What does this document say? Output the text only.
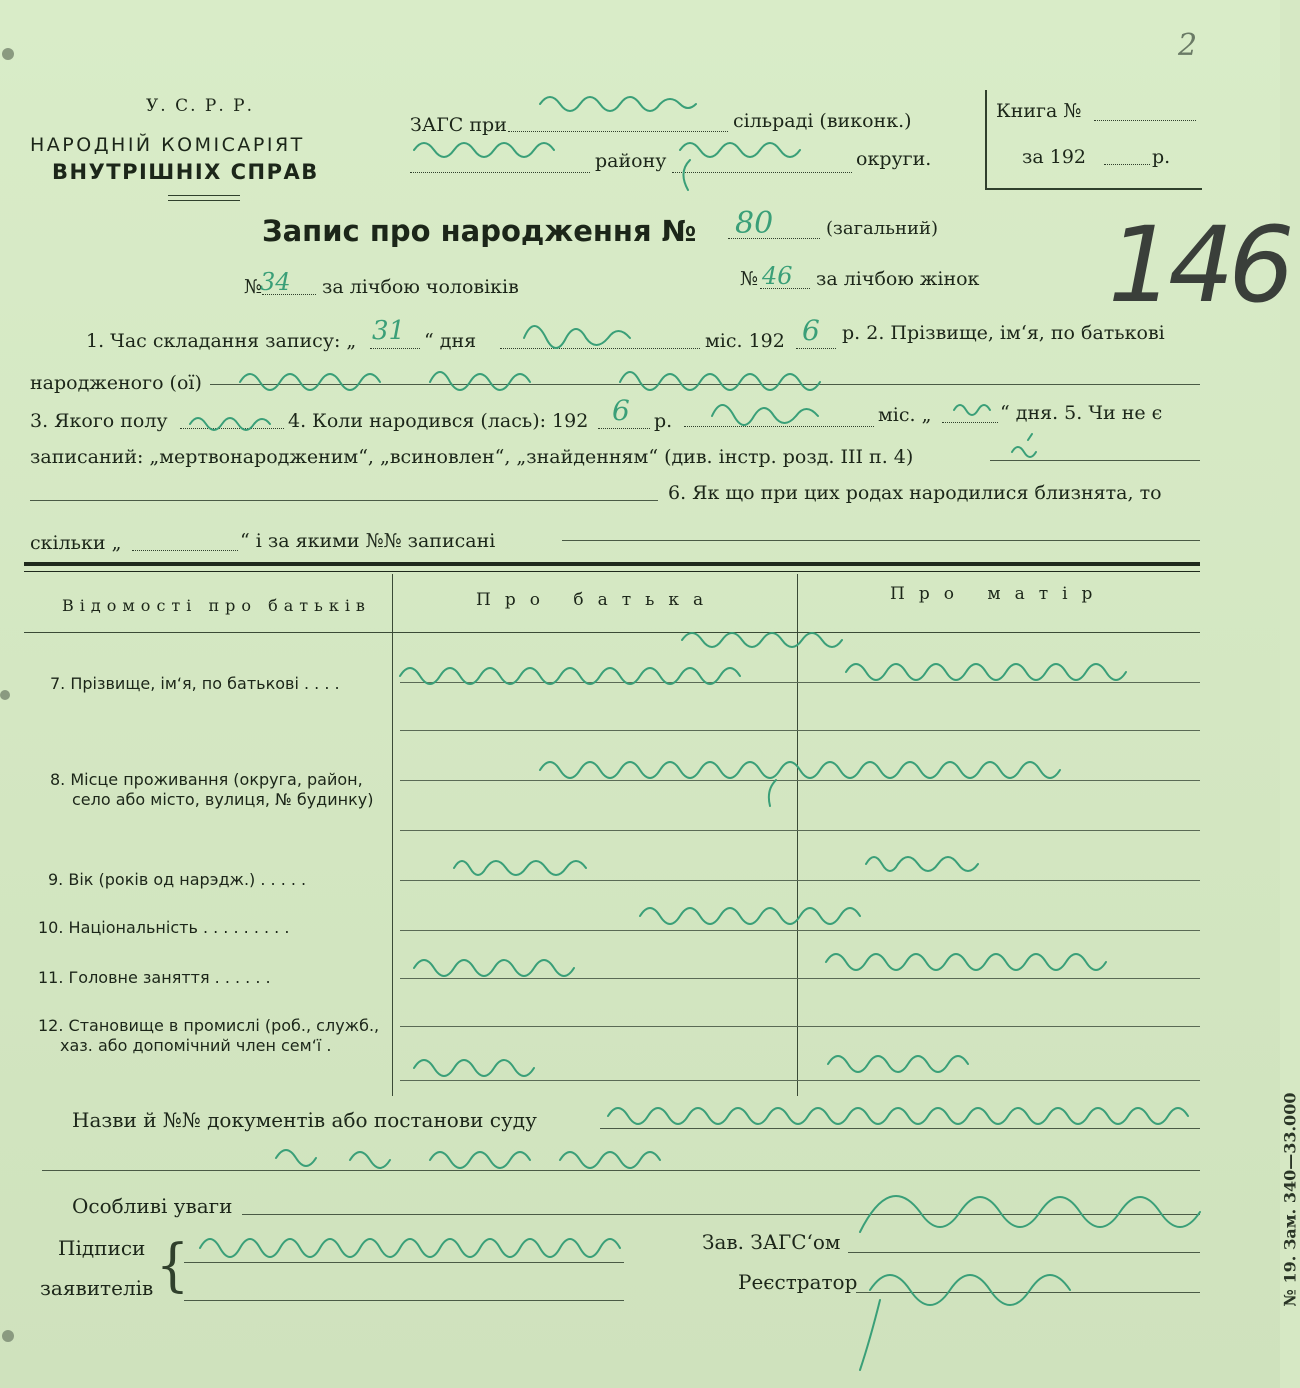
2
У. С. Р. Р.
НАРОДНІЙ КОМІСАРІЯТ
ВНУТРІШНІХ СПРАВ
ЗАГС при	сільраді (виконк.)
району	округи.
Книга №
за 192	р.
Запис про народження № 80	(загальний) 146
№
34 за лічбою чоловіків	№ 46 за лічбою жінок
1. Час складання запису: „ 31 “ дня	міс. 192 6 р. 2. Прізвище, ім‘я, по батькові
народженого (ої)
3. Якого полу	4. Коли народився (лась): 192 6 р.	міс. „	“ дня. 5. Чи не є
записаний: „мертвонародженим“, „всиновлен“, „знайденням“ (див. інстр. розд. III п. 4)
6. Як що при цих родах народилися близнята, то
скільки „	“ і за якими №№ записані
Відомості про батьків	Про батька	Про матір
7. Прізвище, ім‘я, по батькові . . . .
8. Місце проживання (округа, район,
село або місто, вулиця, № будинку)
9. Вік (років од нарэдж.) . . . . .
10. Національність . . . . . . . . .
11. Головне заняття . . . . . .
12. Становище в промислі (роб., служб.,
хаз. або допомічний член сем‘ї .
Назви й №№ документів або постанови суду
Особливі уваги
Підписи
заявителів {	Зав. ЗАГС‘ом
Реєстратор	№ 19. Зам. 340—33.000
